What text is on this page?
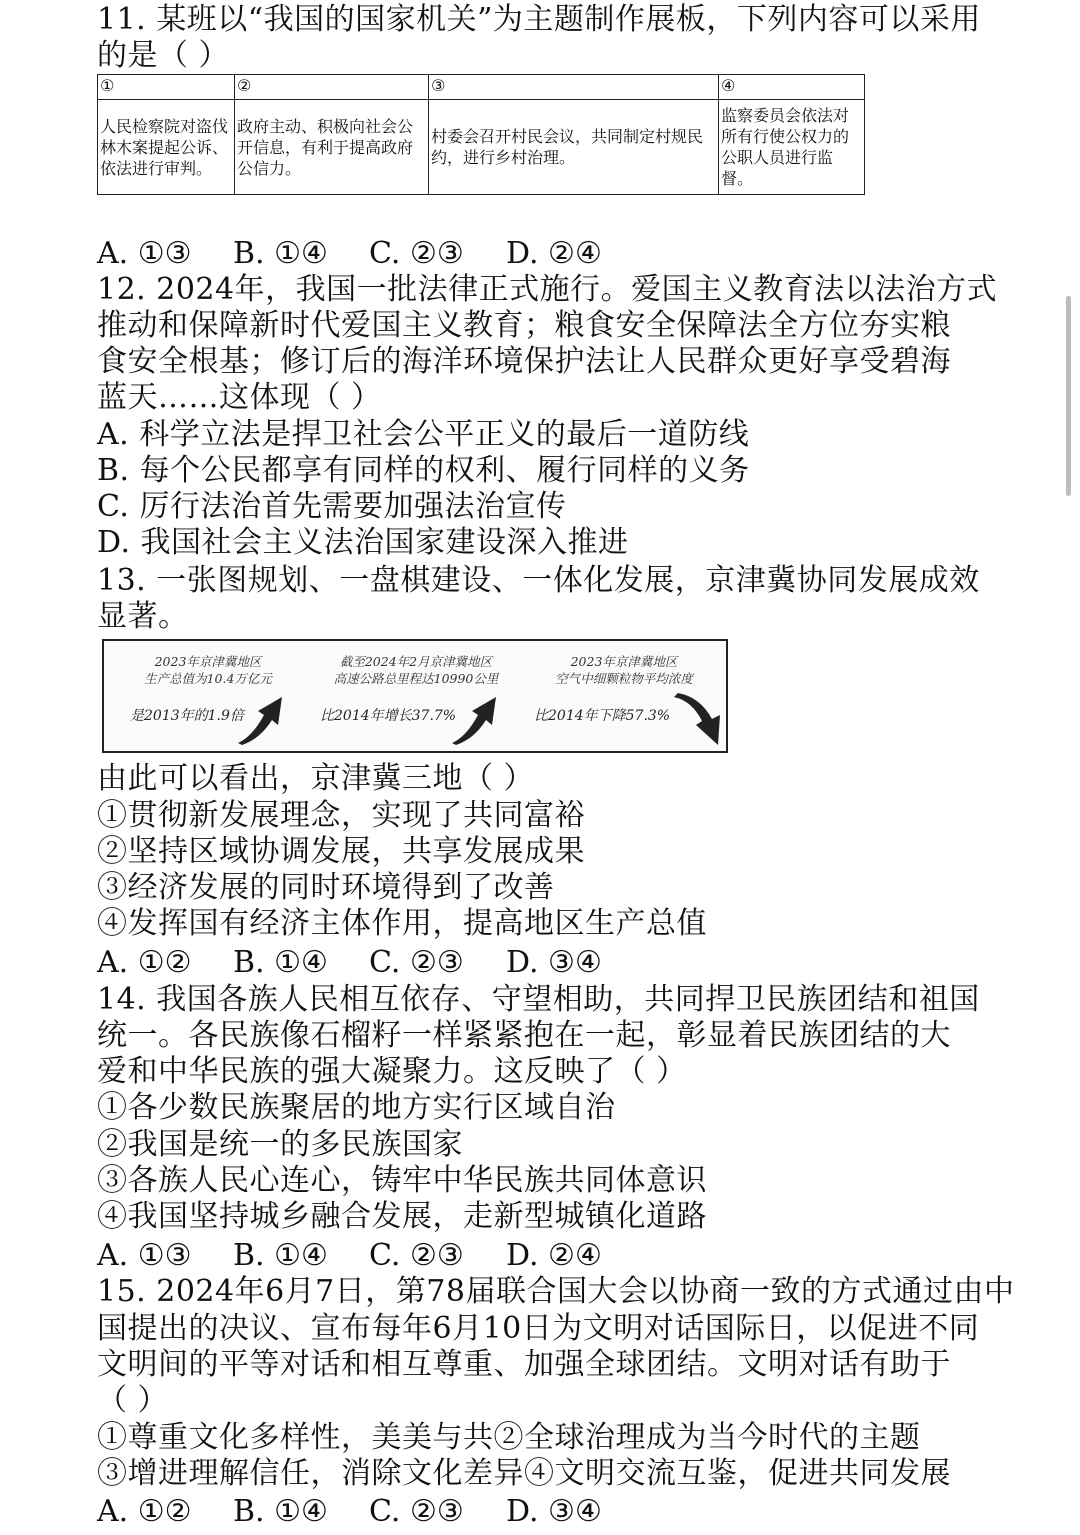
11. 某班以“我国的国家机关”为主题制作展板，下列内容可以采用
的是（ ）
①	②	③	④
人民检察院对盗伐林木案提起公诉、依法进行审判。	政府主动、积极向社会公开信息，有利于提高政府公信力。	村委会召开村民会议，共同制定村规民约，进行乡村治理。	监察委员会依法对所有行使公权力的公职人员进行监督。
A. ①③ B. ①④ C. ②③ D. ②④
12. 2024年，我国一批法律正式施行。爱国主义教育法以法治方式
推动和保障新时代爱国主义教育；粮食安全保障法全方位夯实粮
食安全根基；修订后的海洋环境保护法让人民群众更好享受碧海
蓝天……这体现（ ）
A. 科学立法是捍卫社会公平正义的最后一道防线
B. 每个公民都享有同样的权利、履行同样的义务
C. 厉行法治首先需要加强法治宣传
D. 我国社会主义法治国家建设深入推进
13. 一张图规划、一盘棋建设、一体化发展，京津冀协同发展成效
显著。
2023年京津冀地区
生产总值为10.4万亿元
是2013年的1.9倍
截至2024年2月京津冀地区
高速公路总里程达10990公里
比2014年增长37.7%
2023年京津冀地区
空气中细颗粒物平均浓度
比2014年下降57.3%
由此可以看出，京津冀三地（ ）
①贯彻新发展理念，实现了共同富裕
②坚持区域协调发展，共享发展成果
③经济发展的同时环境得到了改善
④发挥国有经济主体作用，提高地区生产总值
A. ①② B. ①④ C. ②③ D. ③④
14. 我国各族人民相互依存、守望相助，共同捍卫民族团结和祖国
统一。各民族像石榴籽一样紧紧抱在一起，彰显着民族团结的大
爱和中华民族的强大凝聚力。这反映了（ ）
①各少数民族聚居的地方实行区域自治
②我国是统一的多民族国家
③各族人民心连心，铸牢中华民族共同体意识
④我国坚持城乡融合发展，走新型城镇化道路
A. ①③ B. ①④ C. ②③ D. ②④
15. 2024年6月7日，第78届联合国大会以协商一致的方式通过由中
国提出的决议、宣布每年6月10日为文明对话国际日，以促进不同
文明间的平等对话和相互尊重、加强全球团结。文明对话有助于
（ ）
①尊重文化多样性，美美与共②全球治理成为当今时代的主题
③增进理解信任，消除文化差异④文明交流互鉴，促进共同发展
A. ①② B. ①④ C. ②③ D. ③④
